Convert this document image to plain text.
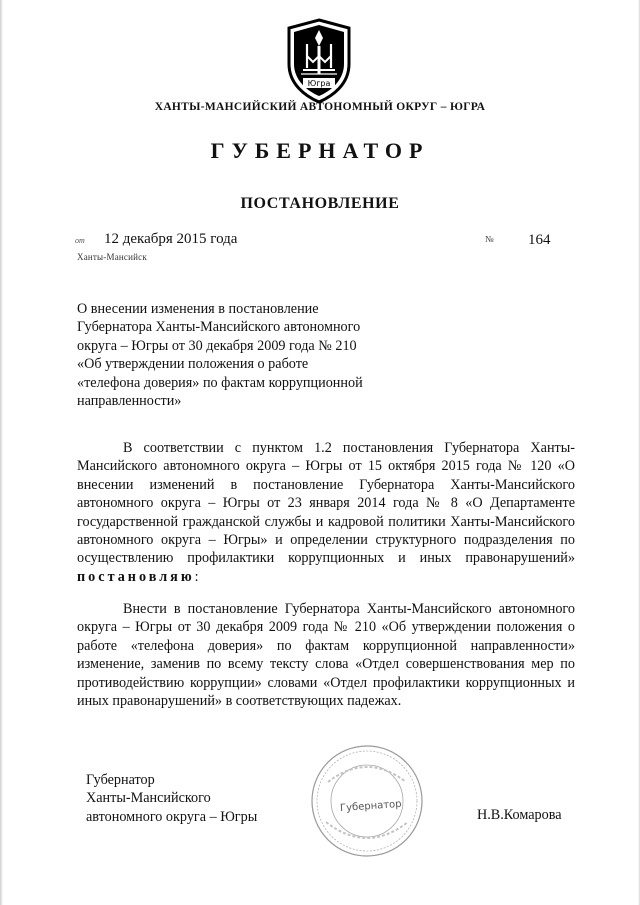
Югра
ХАНТЫ-МАНСИЙСКИЙ АВТОНОМНЫЙ ОКРУГ – ЮГРА
ГУБЕРНАТОР
ПОСТАНОВЛЕНИЕ
от 12 декабря 2015 года
Ханты-Мансийск
№ 164
О внесении изменения в постановление
Губернатора Ханты-Мансийского автономного
округа – Югры от 30 декабря 2009 года № 210
«Об утверждении положения о работе
«телефона доверия» по фактам коррупционной
направленности»

В соответствии с пунктом 1.2 постановления Губернатора Ханты-Мансийского автономного округа – Югры от 15 октября 2015 года № 120 «О внесении изменений в постановление Губернатора Ханты-Мансийского автономного округа – Югры от 23 января 2014 года № 8 «О Департаменте государственной гражданской службы и кадровой политики Ханты-Мансийского автономного округа – Югры» и определении структурного подразделения по осуществлению профилактики коррупционных и иных правонарушений» постановляю:

Внести в постановление Губернатора Ханты-Мансийского автономного округа – Югры от 30 декабря 2009 года № 210 «Об утверждении положения о работе «телефона доверия» по фактам коррупционной направленности» изменение, заменив по всему тексту слова «Отдел совершенствования мер по противодействию коррупции» словами «Отдел профилактики коррупционных и иных правонарушений» в соответствующих падежах.

Губернатор
Ханты-Мансийского
автономного округа – Югры
Губернатор
Н.В.Комарова
